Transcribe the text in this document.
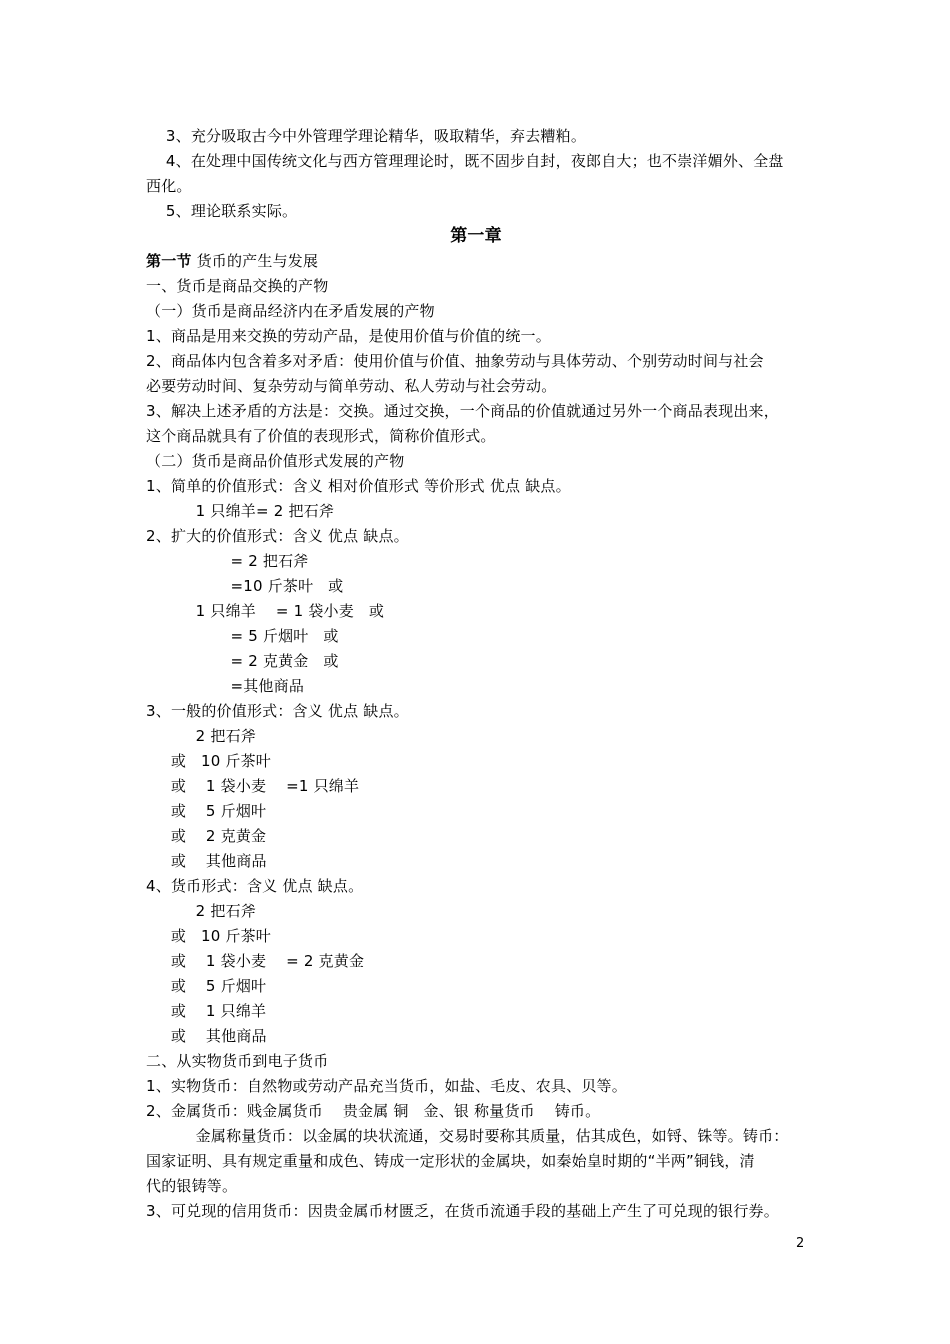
3、充分吸取古今中外管理学理论精华，吸取精华，弃去糟粕。
4、在处理中国传统文化与西方管理理论时，既不固步自封，夜郎自大；也不崇洋媚外、全盘
西化。
5、理论联系实际。
第一章
第一节 货币的产生与发展
一、货币是商品交换的产物
（一）货币是商品经济内在矛盾发展的产物
1、商品是用来交换的劳动产品，是使用价值与价值的统一。
2、商品体内包含着多对矛盾：使用价值与价值、抽象劳动与具体劳动、个别劳动时间与社会
必要劳动时间、复杂劳动与简单劳动、私人劳动与社会劳动。
3、解决上述矛盾的方法是：交换。通过交换，一个商品的价值就通过另外一个商品表现出来，
这个商品就具有了价值的表现形式，简称价值形式。
（二）货币是商品价值形式发展的产物
1、简单的价值形式：含义 相对价值形式 等价形式 优点 缺点。
1 只绵羊= 2 把石斧
2、扩大的价值形式：含义 优点 缺点。
= 2 把石斧
=10 斤茶叶   或
1 只绵羊    = 1 袋小麦   或
= 5 斤烟叶   或
= 2 克黄金   或
=其他商品
3、一般的价值形式：含义 优点 缺点。
2 把石斧
或   10 斤茶叶
或    1 袋小麦    =1 只绵羊
或    5 斤烟叶
或    2 克黄金
或    其他商品
4、货币形式：含义 优点 缺点。
2 把石斧
或   10 斤茶叶
或    1 袋小麦    = 2 克黄金
或    5 斤烟叶
或    1 只绵羊
或    其他商品
二、从实物货币到电子货币
1、实物货币：自然物或劳动产品充当货币，如盐、毛皮、农具、贝等。
2、金属货币：贱金属货币    贵金属 铜   金、银 称量货币    铸币。
金属称量货币：以金属的块状流通，交易时要称其质量，估其成色，如锊、铢等。铸币：
国家证明、具有规定重量和成色、铸成一定形状的金属块，如秦始皇时期的“半两”铜钱，清
代的银铸等。
3、可兑现的信用货币：因贵金属币材匮乏，在货币流通手段的基础上产生了可兑现的银行券。
2
